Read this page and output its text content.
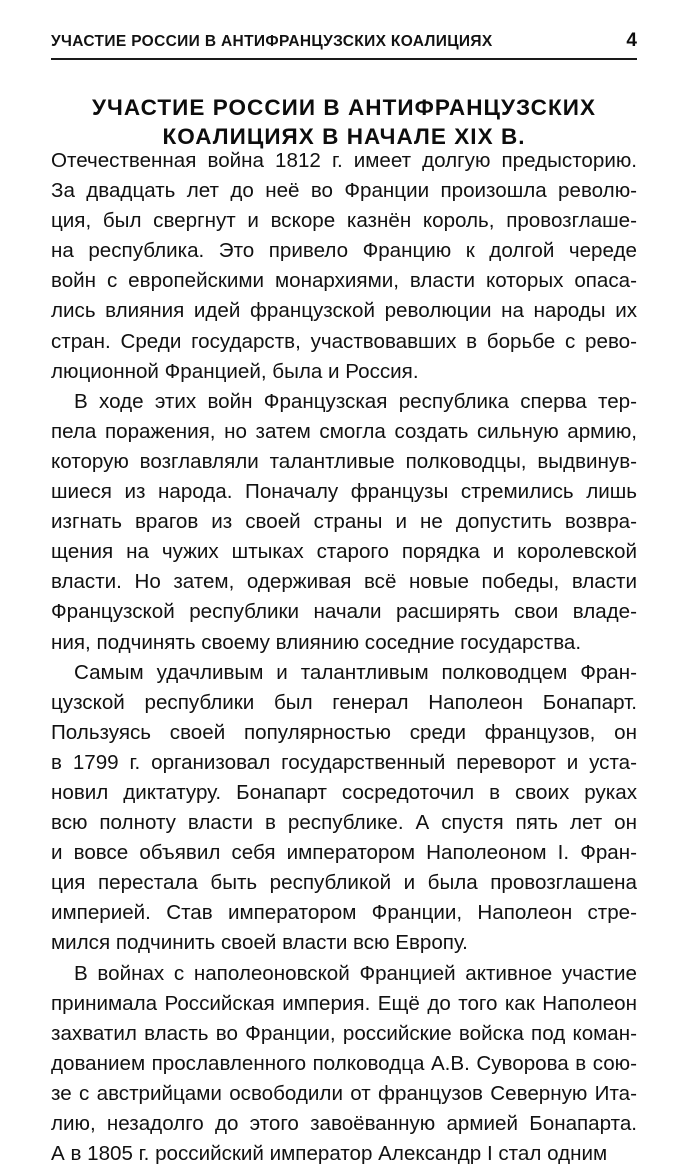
УЧАСТИЕ РОССИИ В АНТИФРАНЦУЗСКИХ КОАЛИЦИЯХ	4
УЧАСТИЕ РОССИИ В АНТИФРАНЦУЗСКИХ
КОАЛИЦИЯХ В НАЧАЛЕ XIX В.

Отечественная война 1812 г. имеет долгую предысторию.
За двадцать лет до неё во Франции произошла револю-
ция, был свергнут и вскоре казнён король, провозглаше-
на республика. Это привело Францию к долгой череде
войн с европейскими монархиями, власти которых опаса-
лись влияния идей французской революции на народы их
стран. Среди государств, участвовавших в борьбе с рево-
люционной Францией, была и Россия.

В ходе этих войн Французская республика сперва тер-
пела поражения, но затем смогла создать сильную армию,
которую возглавляли талантливые полководцы, выдвинув-
шиеся из народа. Поначалу французы стремились лишь
изгнать врагов из своей страны и не допустить возвра-
щения на чужих штыках старого порядка и королевской
власти. Но затем, одерживая всё новые победы, власти
Французской республики начали расширять свои владе-
ния, подчинять своему влиянию соседние государства.

Самым удачливым и талантливым полководцем Фран-
цузской республики был генерал Наполеон Бонапарт.
Пользуясь своей популярностью среди французов, он
в 1799 г. организовал государственный переворот и уста-
новил диктатуру. Бонапарт сосредоточил в своих руках
всю полноту власти в республике. А спустя пять лет он
и вовсе объявил себя императором Наполеоном I. Фран-
ция перестала быть республикой и была провозглашена
империей. Став императором Франции, Наполеон стре-
мился подчинить своей власти всю Европу.

В войнах с наполеоновской Францией активное участие
принимала Российская империя. Ещё до того как Наполеон
захватил власть во Франции, российские войска под коман-
дованием прославленного полководца А.В. Суворова в сою-
зе с австрийцами освободили от французов Северную Ита-
лию, незадолго до этого завоёванную армией Бонапарта.
А в 1805 г. российский император Александр I стал одним
